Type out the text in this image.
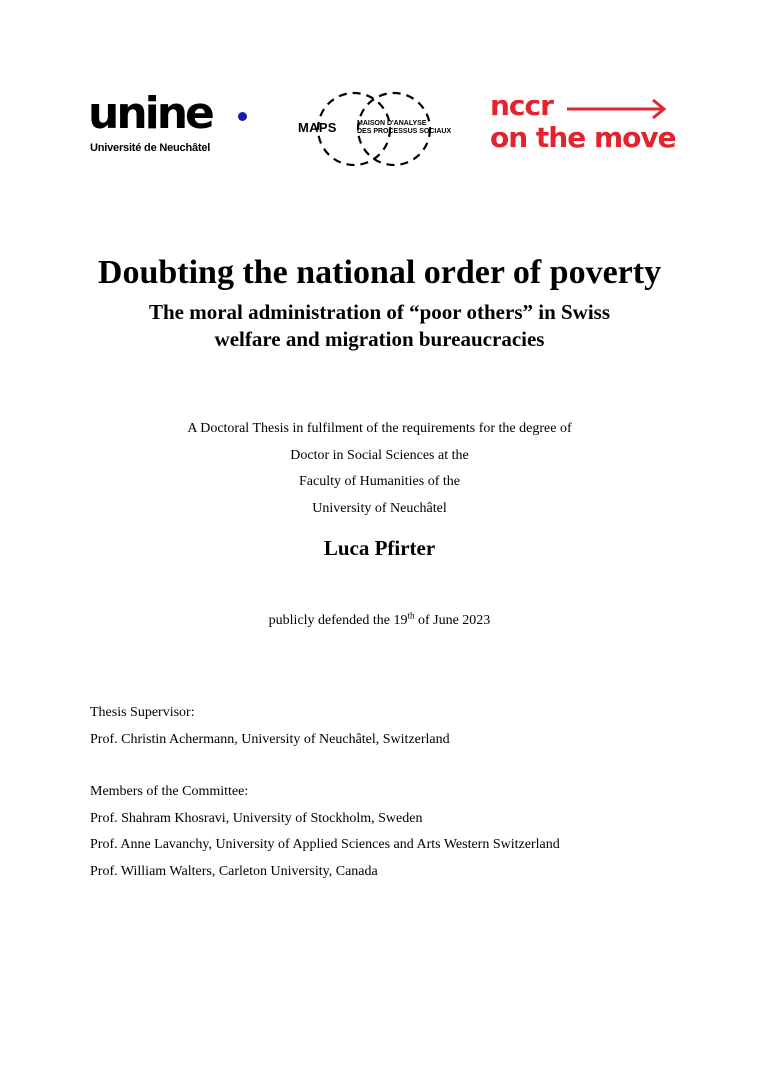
unine
Université de Neuchâtel
MAPS	MAISON D'ANALYSE
DES PROCESSUS SOCIAUX
nccr
on the move
Doubting the national order of poverty
The moral administration of “poor others” in Swiss
welfare and migration bureaucracies
A Doctoral Thesis in fulfilment of the requirements for the degree of
Doctor in Social Sciences at the
Faculty of Humanities of the
University of Neuchâtel
Luca Pfirter
publicly defended the 19th of June 2023
Thesis Supervisor:
Prof. Christin Achermann, University of Neuchâtel, Switzerland
Members of the Committee:
Prof. Shahram Khosravi, University of Stockholm, Sweden
Prof. Anne Lavanchy, University of Applied Sciences and Arts Western Switzerland
Prof. William Walters, Carleton University, Canada
